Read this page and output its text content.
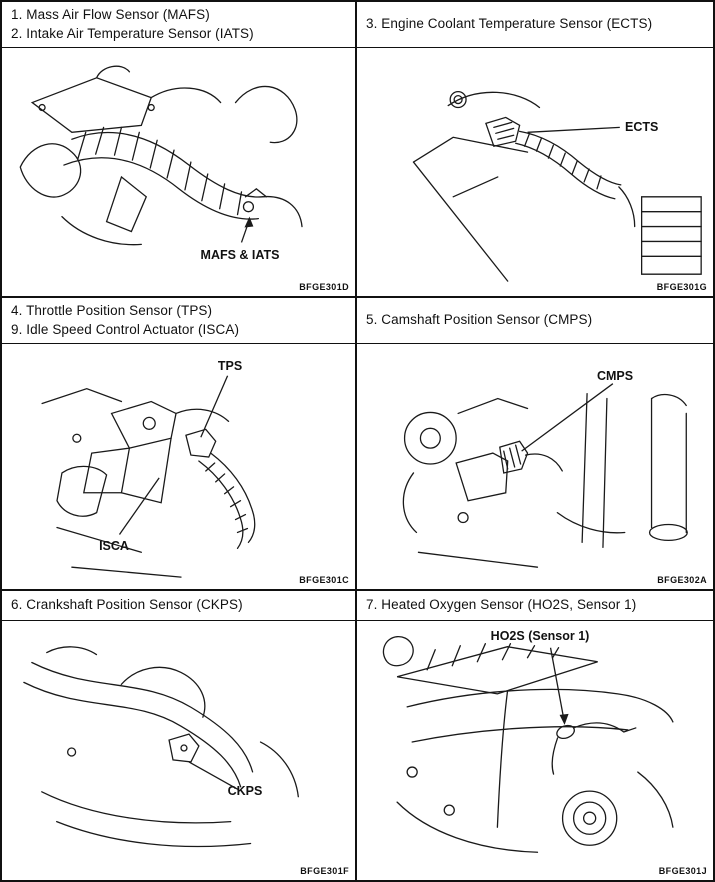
1. Mass Air Flow Sensor (MAFS)
2. Intake Air Temperature Sensor (IATS)
MAFS & IATS
BFGE301D
3. Engine Coolant Temperature Sensor (ECTS)
ECTS
BFGE301G
4. Throttle Position Sensor (TPS)
9. Idle Speed Control Actuator (ISCA)
TPS
ISCA
BFGE301C
5. Camshaft Position Sensor (CMPS)
CMPS
BFGE302A
6. Crankshaft Position Sensor (CKPS)
CKPS
BFGE301F
7. Heated Oxygen Sensor (HO2S, Sensor 1)
HO2S (Sensor 1)
BFGE301J
